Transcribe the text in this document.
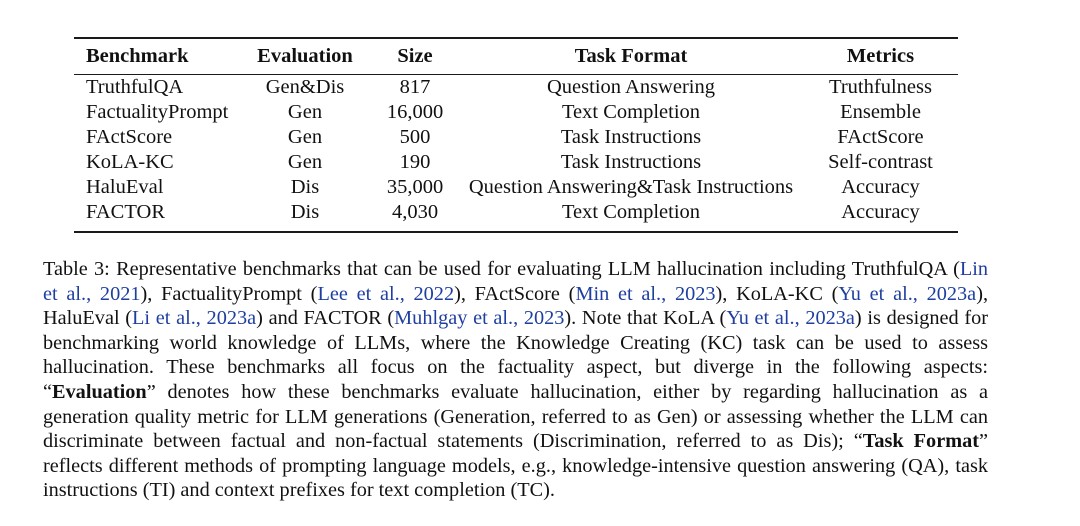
Benchmark	Evaluation	Size	Task Format	Metrics

TruthfulQA	Gen&Dis	817	Question Answering	Truthfulness
FactualityPrompt	Gen	16,000	Text Completion	Ensemble
FActScore	Gen	500	Task Instructions	FActScore
KoLA-KC	Gen	190	Task Instructions	Self-contrast
HaluEval	Dis	35,000	Question Answering&Task Instructions	Accuracy
FACTOR	Dis	4,030	Text Completion	Accuracy
Table 3: Representative benchmarks that can be used for evaluating LLM hallucination including TruthfulQA (Lin et al., 2021), FactualityPrompt (Lee et al., 2022), FActScore (Min et al., 2023), KoLA-KC (Yu et al., 2023a), HaluEval (Li et al., 2023a) and FACTOR (Muhlgay et al., 2023). Note that KoLA (Yu et al., 2023a) is designed for benchmarking world knowledge of LLMs, where the Knowledge Creating (KC) task can be used to assess hallucination. These benchmarks all focus on the factuality aspect, but diverge in the following aspects: “Evaluation” denotes how these benchmarks evaluate hallucination, either by regarding hallucination as a generation quality metric for LLM generations (Generation, referred to as Gen) or assessing whether the LLM can discriminate between factual and non-factual statements (Discrimination, referred to as Dis); “Task Format” reflects different methods of prompting language models, e.g., knowledge-intensive question answering (QA), task instructions (TI) and context prefixes for text completion (TC).
